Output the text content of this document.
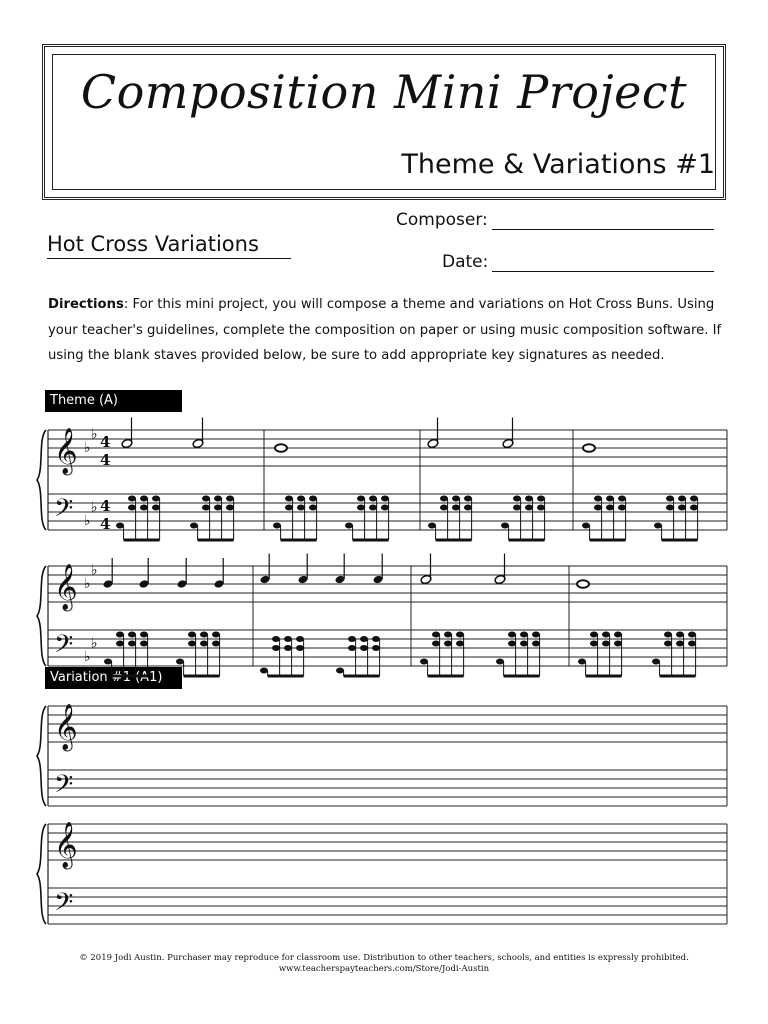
Composition Mini Project
Theme & Variations #1
Hot Cross Variations
Composer:
Date:
Directions: For this mini project, you will compose a theme and variations on Hot Cross Buns. Using your teacher's guidelines, complete the composition on paper or using music composition software. If using the blank staves provided below, be sure to add appropriate key signatures as needed.
Theme (A)
Variation #1 (A1)
𝄞
𝄢
♭
♭
♭
♭
4
4
4
4
𝄞
𝄢
♭
♭
♭
♭
𝄞
𝄢
𝄞
𝄢
© 2019 Jodi Austin. Purchaser may reproduce for classroom use. Distribution to other teachers, schools, and entities is expressly prohibited.
www.teacherspayteachers.com/Store/Jodi-Austin
